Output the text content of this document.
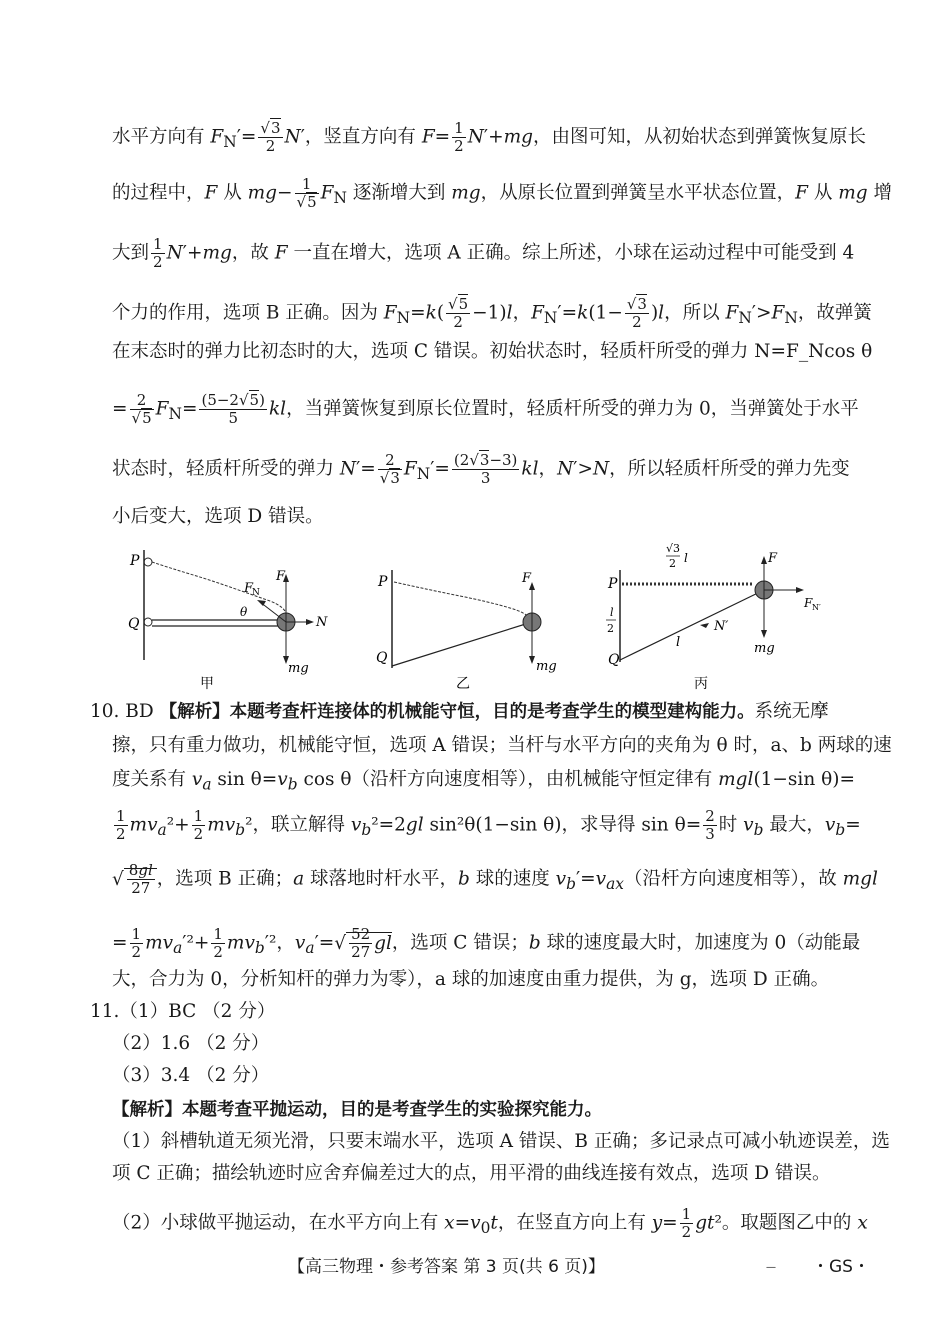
水平方向有 $F_N'=$
√ $\frac{3}{2} N'$，竖直方向有 $F= \frac{1}{2} N'+mg$，由图可知，从初始状态到弹簧恢复原长
的过程中，F 从 mg− 1
√ 5 $F_N$ 逐渐增大到 mg，从原长位置到弹簧呈水平状态位置，F 从 mg 增
大到 $\frac{1}{2} N'+mg$，故 F 一直在增大，选项 A 正确。综上所述，小球在运动过程中可能受到 4
个力的作用，选项 B 正确。因为 $F_N=k$(
√ $\frac{5}{2} -1)l$，$F_N'=k(1-$
√ $\frac{3}{2} )l$，所以 $F_N'>F_N$，故弹簧
在末态时的弹力比初态时的大，选项 C 错误。初始状态时，轻质杆所受的弹力 N=F_Ncos θ
= 2
√ 5 $F_N= \frac{(5-2√ 5)}{5}$ kl，当弹簧恢复到原长位置时，轻质杆所受的弹力为 0，当弹簧处于水平
状态时，轻质杆所受的弹力 N′= 2
√ 3 $F_N'= \frac{(2√ 3-3)}{3}$ kl，N′>N，所以轻质杆所受的弹力先变
小后变大，选项 D 错误。
P
Q
F
F
N
θ
N
mg
甲
P
Q
F
mg
乙
P
Q
F
F N′
N′
l	mg
√3
2 l
l
2
丙
10. BD 【解析】本题考查杆连接体的机械能守恒，目的是考查学生的模型建构能力。系统无摩
擦，只有重力做功，机械能守恒，选项 A 错误；当杆与水平方向的夹角为 θ 时，a、b 两球的速
度关系有 $v_a$ $\sin \theta=v_b$ cos θ（沿杆方向速度相等），由机械能守恒定律有 mgl(1−sin θ)=
$\frac{1}{2} mv_a^2+ \frac{1}{2} mv_b^2$，联立解得 $v_b^2=2gl$ sin²θ(1−sin θ)，求导得 $\sin \theta= \frac{2}{3}$ 时 $v_b$ 最大，$v_b=$
√
$\frac{8gl}{27}$ ，选项 B 正确；a 球落地时杆水平，b 球的速度 $v_b'=v_{ax}$（沿杆方向速度相等），故 mgl
= $\frac{1}{2} mv_a'^2+ \frac{1}{2} mv_b'^2$，$v_a'=√ \frac{52}{27}$ gl，选项 C 错误；b 球的速度最大时，加速度为 0（动能最
大，合力为 0，分析知杆的弹力为零），a 球的加速度由重力提供，为 g，选项 D 正确。
11.（1）BC （2 分）
（2）1.6 （2 分）
（3）3.4 （2 分）
【解析】本题考查平抛运动，目的是考查学生的实验探究能力。
（1）斜槽轨道无须光滑，只要末端水平，选项 A 错误、B 正确；多记录点可减小轨迹误差，选
项 C 正确；描绘轨迹时应舍弃偏差过大的点，用平滑的曲线连接有效点，选项 D 错误。
（2）小球做平抛运动，在水平方向上有 $x=v_0t$，在竖直方向上有 $y= \frac{1}{2} gt^2$。取题图乙中的 x
【高三物理・参考答案 第 3 页(共 6 页)】	— ・GS・
